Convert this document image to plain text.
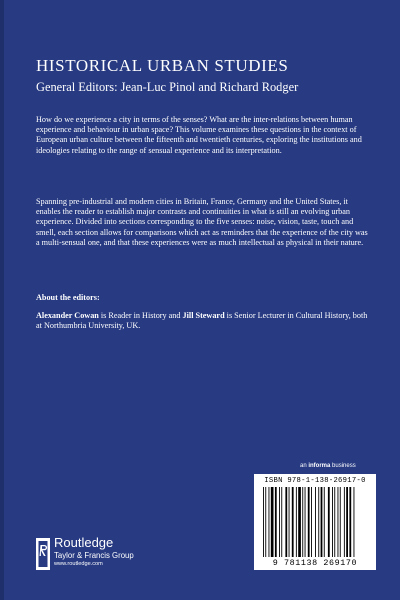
HISTORICAL URBAN STUDIES
General Editors: Jean-Luc Pinol and Richard Rodger

How do we experience a city in terms of the senses? What are the inter-relations between human experience and behaviour in urban space? This volume examines these questions in the context of European urban culture between the fifteenth and twentieth centuries, exploring the institutions and ideologies relating to the range of sensual experience and its interpretation.

Spanning pre-industrial and modern cities in Britain, France, Germany and the United States, it enables the reader to establish major contrasts and continuities in what is still an evolving urban experience. Divided into sections corresponding to the five senses: noise, vision, taste, touch and smell, each section allows for comparisons which act as reminders that the experience of the city was a multi-sensual one, and that these experiences were as much intellectual as physical in their nature.

About the editors:

Alexander Cowan is Reader in History and Jill Steward is Senior Lecturer in Cultural History, both at Northumbria University, UK.

an informa business
ISBN 978-1-138-26917-0
9 781138 269170
Routledge
Taylor & Francis Group
www.routledge.com
